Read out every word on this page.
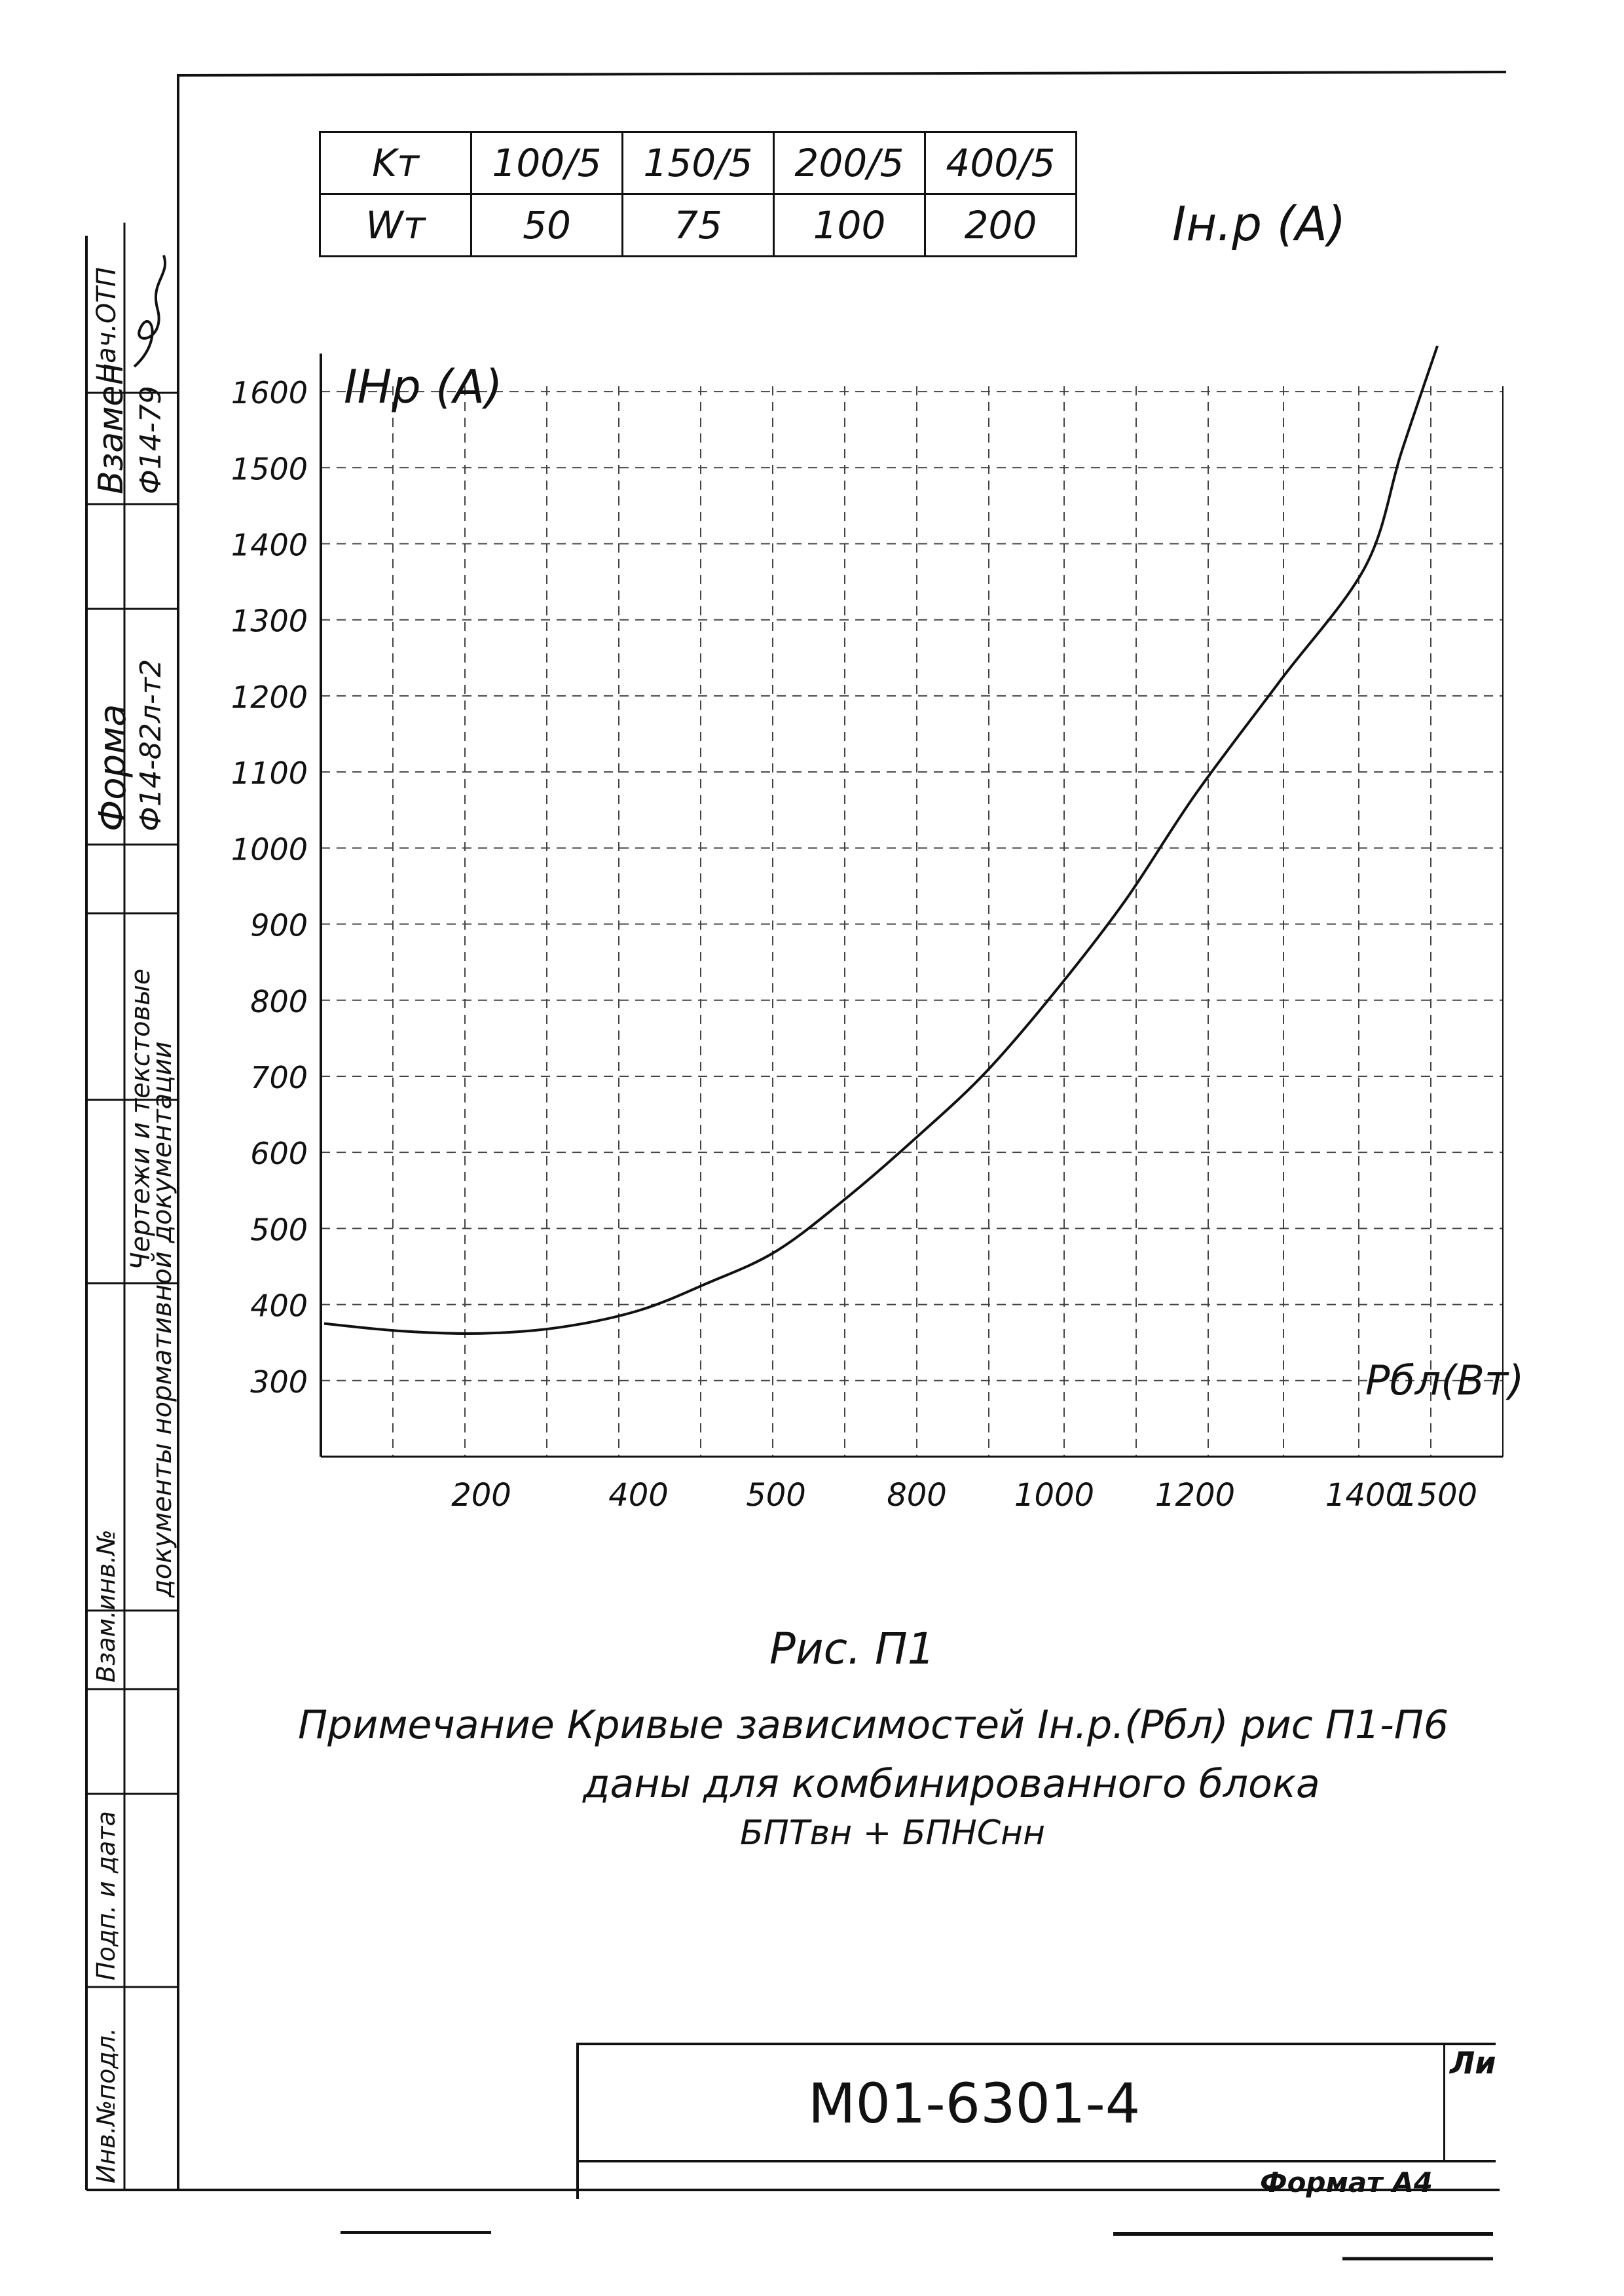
300
400
500
600
700
800
900
1000
1100
1200
1300
1400
1500
1600
200	400 500	800 1000 1200	1400
1500
IHp (A)
Pбл(Вт)
Kт	100/5	150/5	200/5	400/5
Wт	50	75	100	200	Iн.р (A)
Форма Ф14-82л-т2
Взамен Ф14-79
Нач.ОТП
Чертежи и текстовые
документы нормативной документации
Взам.инв.№
Подп. и дата
Инв.№подл.
Рис. П1
Примечание Кривые зависимостей Iн.р.(Рбл) рис П1-П6
даны для комбинированного блока
БПТвн + БПНСнн
М01-6301-4
Ли
Формат А4
